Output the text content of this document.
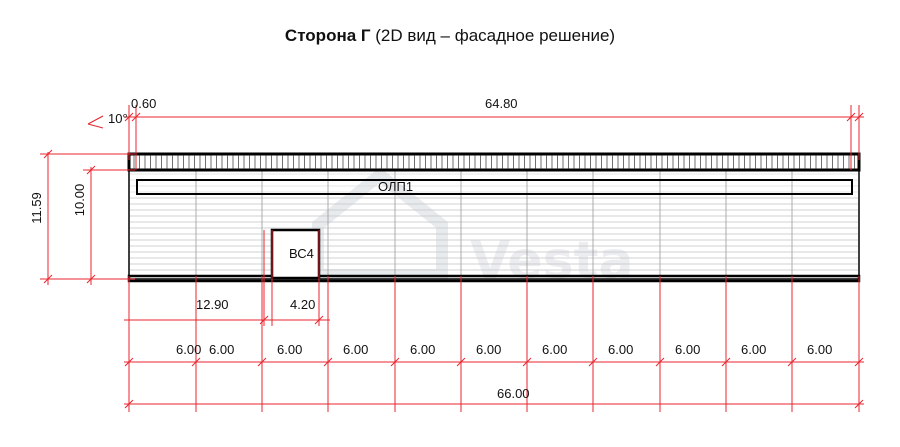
Сторона Г (2D вид – фасадное решение)
Vesta
ОЛП1
ВС4
10°
0.60	64.80
11.59 10.00
12.90	4.20
6.00 6.00	6.00	6.00	6.00	6.00	6.00	6.00	6.00	6.00	6.00
66.00
